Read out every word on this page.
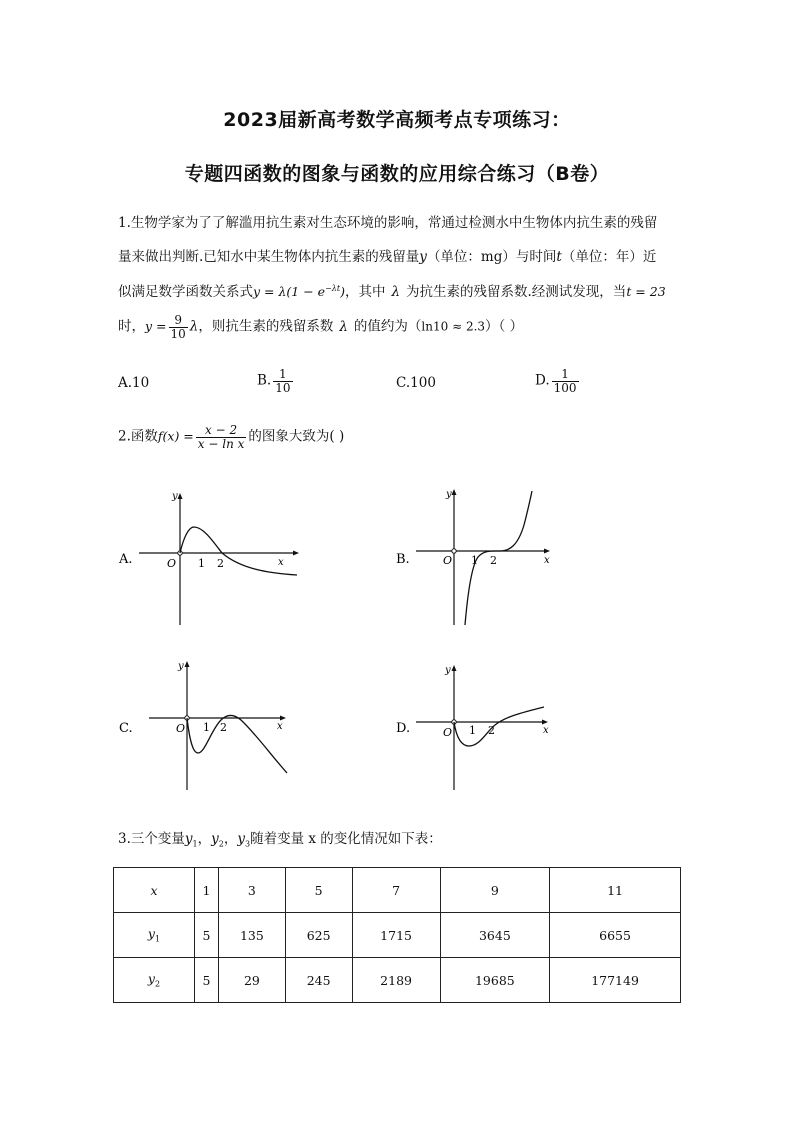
2023届新高考数学高频考点专项练习：
专题四函数的图象与函数的应用综合练习（B卷）
1.生物学家为了了解滥用抗生素对生态环境的影响，常通过检测水中生物体内抗生素的残留
量来做出判断.已知水中某生物体内抗生素的残留量y（单位：mg）与时间t（单位：年）近
似满足数学函数关系式$y = \lambda(1 - e^{-\lambda t})$，其中 λ 为抗生素的残留系数.经测试发现，当t = 23
时，$y = \frac{9}{10}$ λ，则抗生素的残留系数 λ 的值约为（ln10 ≈ 2.3）（ ）
A.10	B. $\frac{1}{10}$	C.100	D. $\frac{1}{100}$
2.函数$f(x) = \frac{x - 2}{\text{x − ln x}}$ 的图象大致为( )
A.
y
x
O 1 2	B.
y
x
O 1 2
C.
y
x
O 1 2	D.
y
x
O 1 2
3.三个变量$y_1$，$y_2$，$y_3$随着变量 x 的变化情况如下表：
x	1	3	5	7	9	11
$y_1$	5	135	625	1715	3645	6655
$y_2$	5	29	245	2189	19685	177149
